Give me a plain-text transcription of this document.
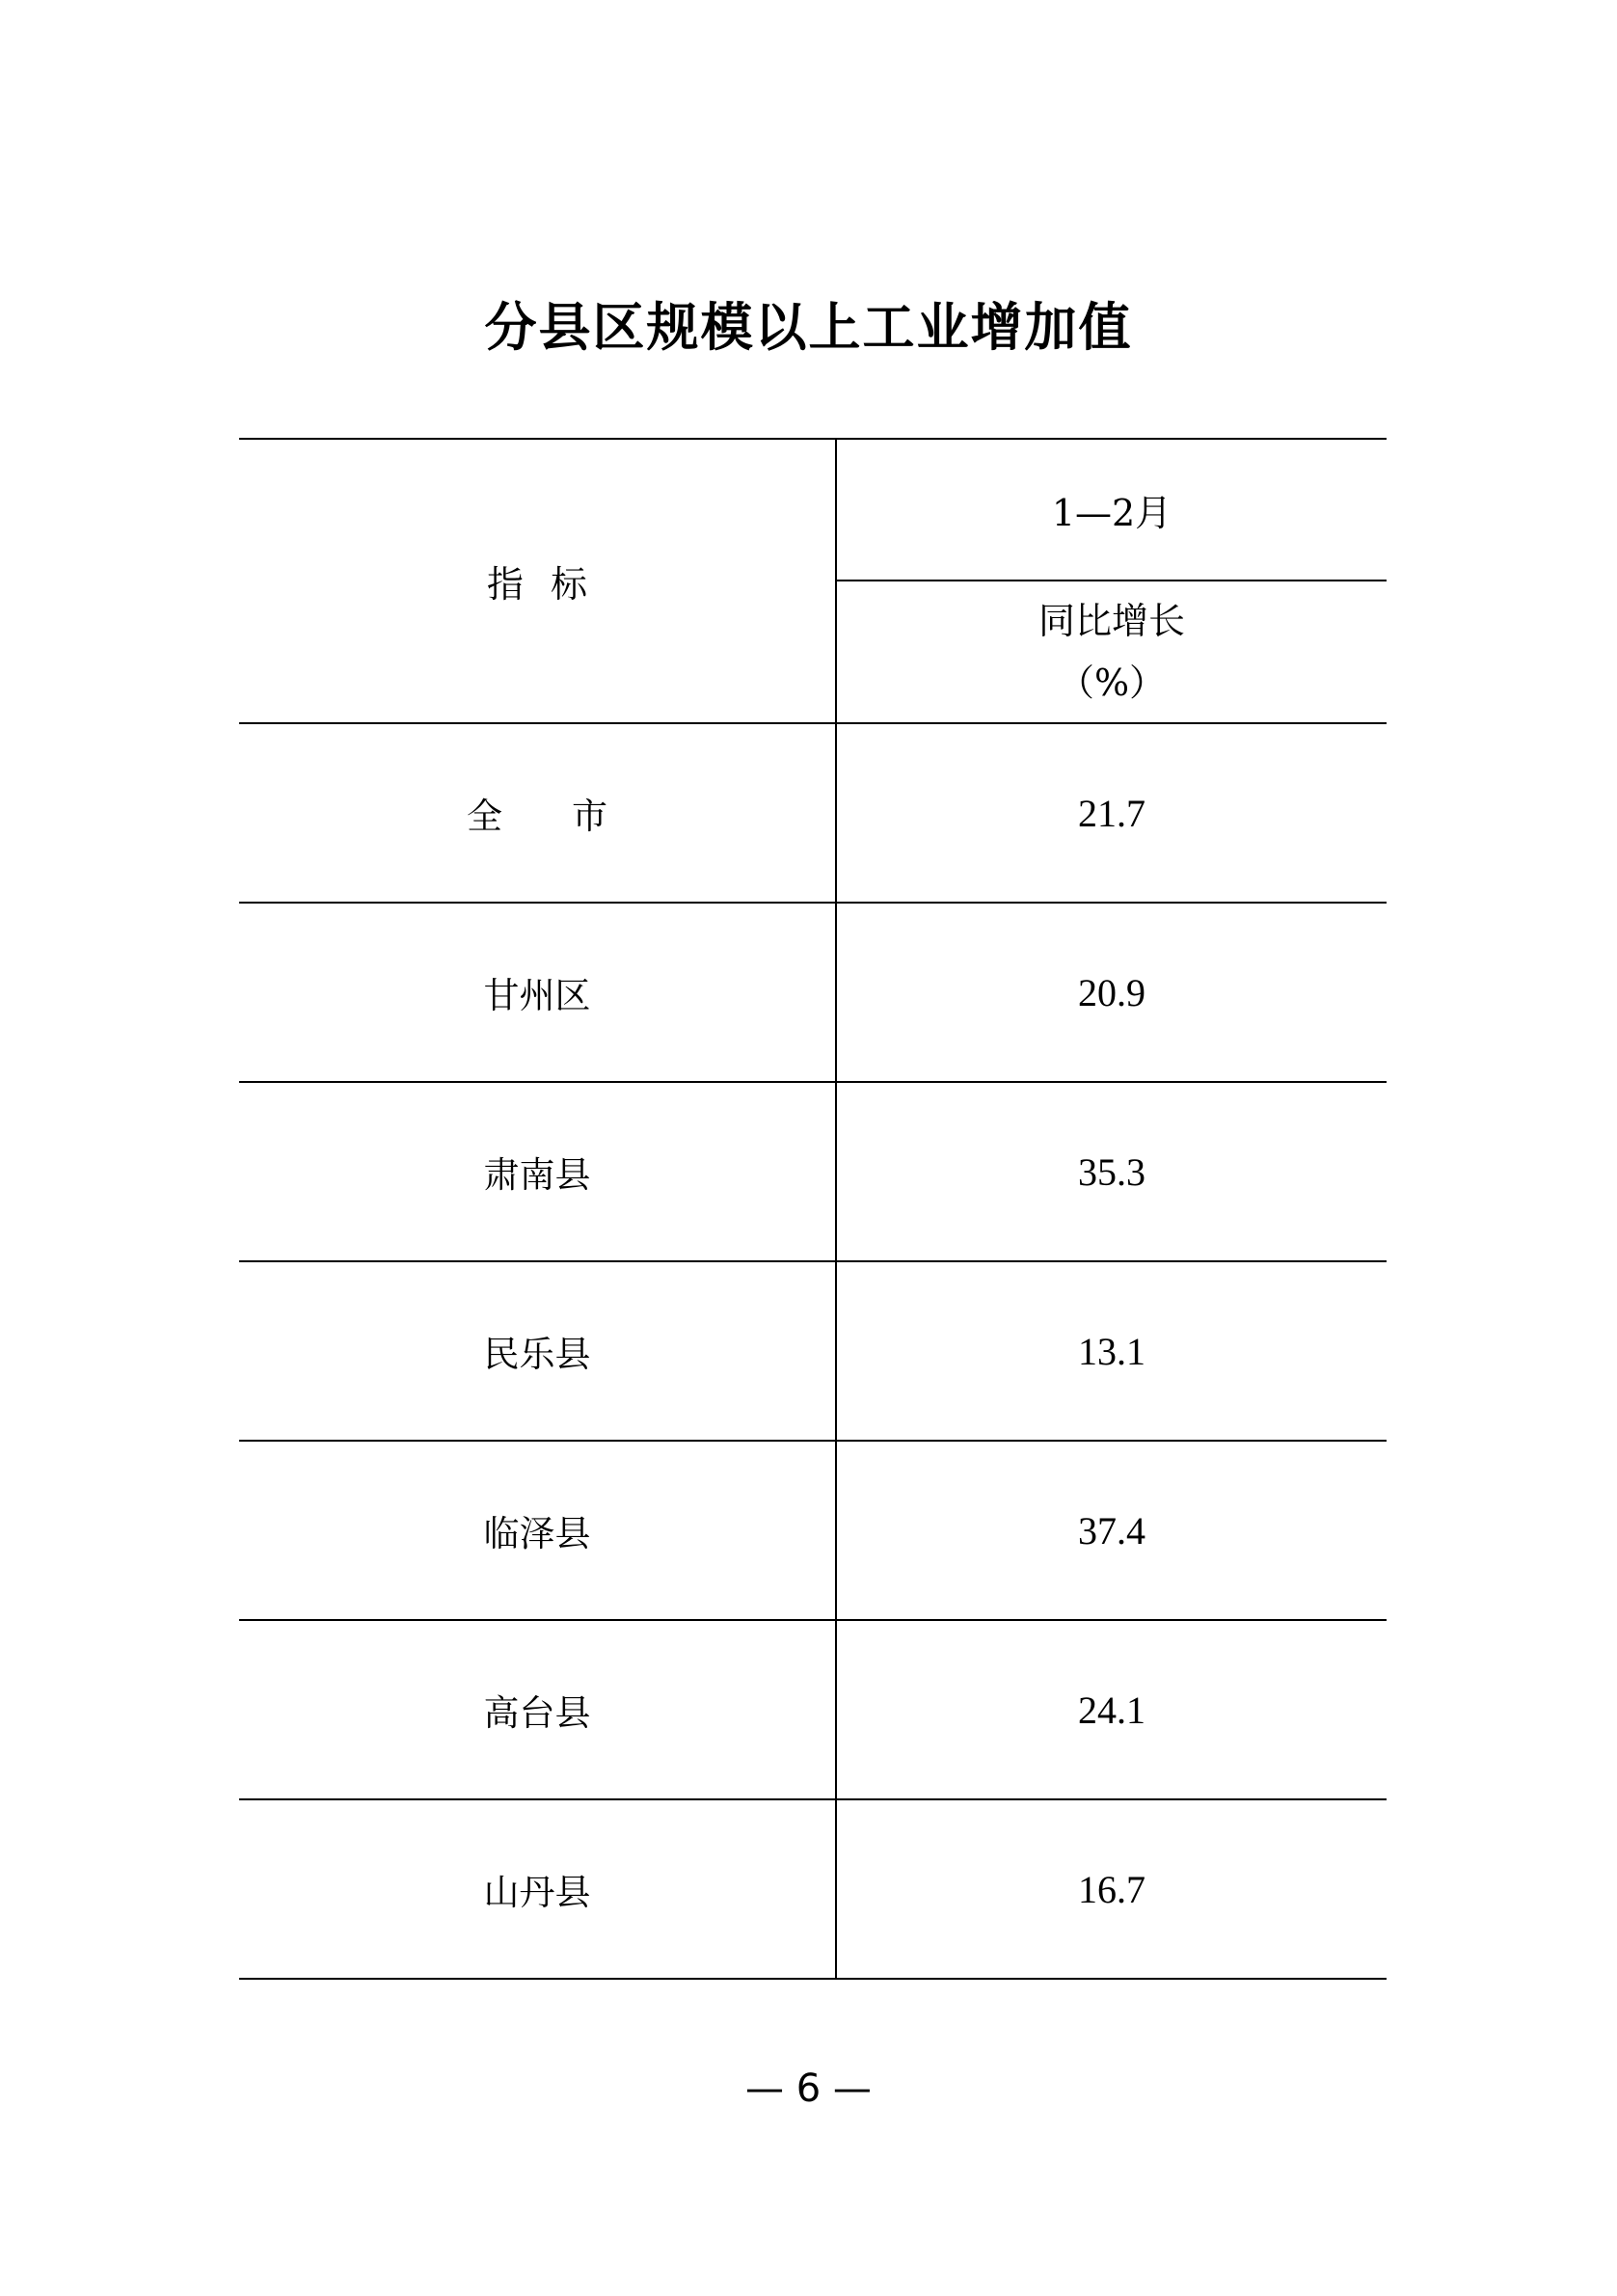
分县区规模以上工业增加值
指标	1—2月

	同比增长
（%）

全市	21.7
甘州区	20.9
肃南县	35.3
民乐县	13.1
临泽县	37.4
高台县	24.1
山丹县	16.7
— 6 —
